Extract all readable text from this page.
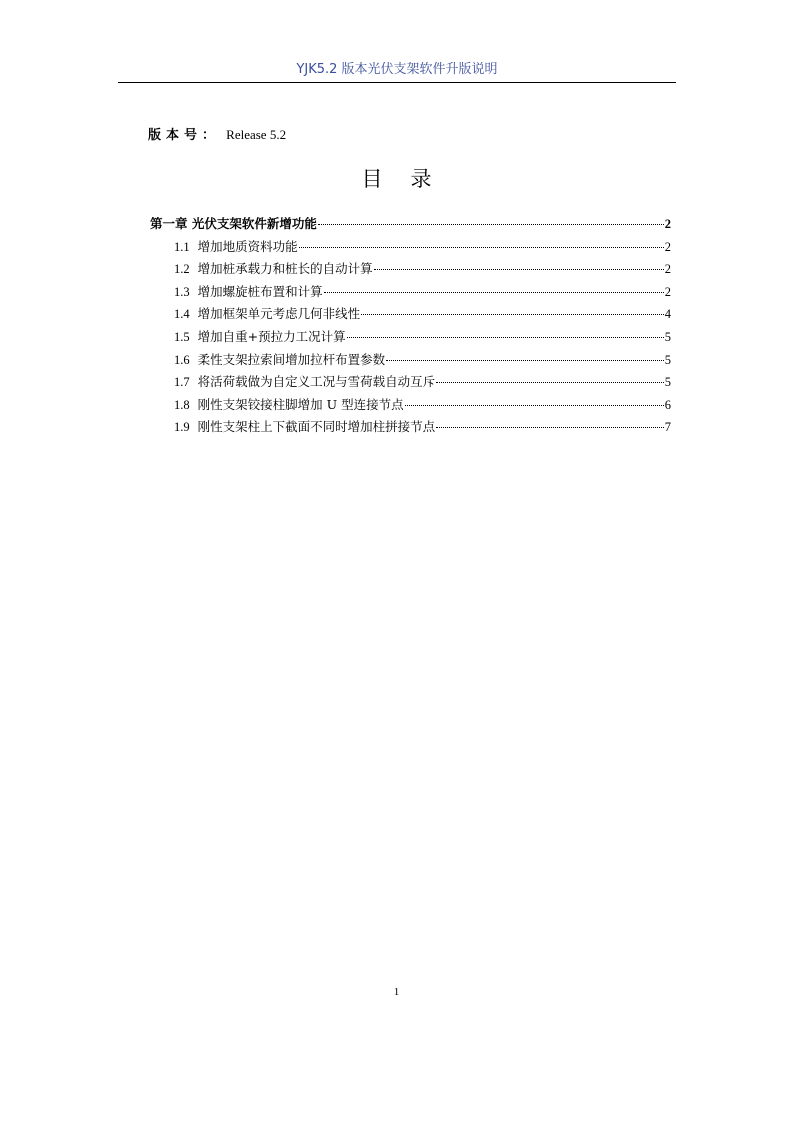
YJK5.2 版本光伏支架软件升版说明
版本号： Release 5.2
目录
第一章 光伏支架软件新增功能	2
1.1 增加地质资料功能	2
1.2 增加桩承载力和桩长的自动计算	2
1.3 增加螺旋桩布置和计算	2
1.4 增加框架单元考虑几何非线性	4
1.5 增加自重+预拉力工况计算	5
1.6 柔性支架拉索间增加拉杆布置参数	5
1.7 将活荷载做为自定义工况与雪荷载自动互斥	5
1.8 刚性支架铰接柱脚增加 U 型连接节点	6
1.9 刚性支架柱上下截面不同时增加柱拼接节点	7
1
